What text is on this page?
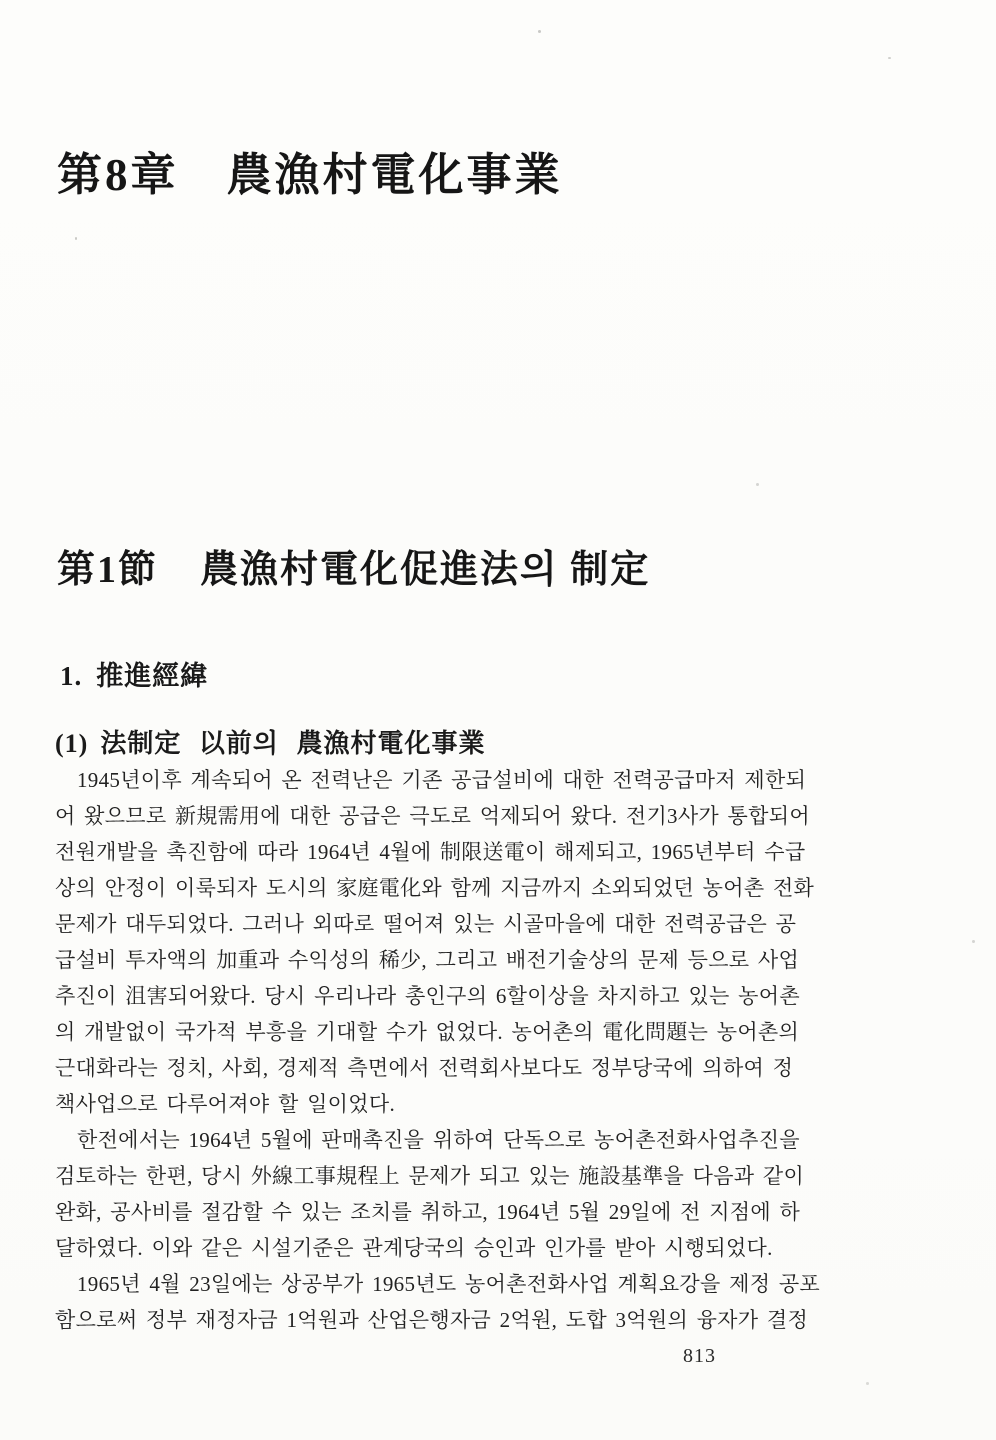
第8章 農漁村電化事業
第1節 農漁村電化促進法의 制定
1. 推進經緯
(1) 法制定 以前의 農漁村電化事業
1945년이후 계속되어 온 전력난은 기존 공급설비에 대한 전력공급마저 제한되
어 왔으므로 新規需用에 대한 공급은 극도로 억제되어 왔다. 전기3사가 통합되어
전원개발을 촉진함에 따라 1964년 4월에 制限送電이 해제되고, 1965년부터 수급
상의 안정이 이룩되자 도시의 家庭電化와 함께 지금까지 소외되었던 농어촌 전화
문제가 대두되었다. 그러나 외따로 떨어져 있는 시골마을에 대한 전력공급은 공
급설비 투자액의 加重과 수익성의 稀少, 그리고 배전기술상의 문제 등으로 사업
추진이 沮害되어왔다. 당시 우리나라 총인구의 6할이상을 차지하고 있는 농어촌
의 개발없이 국가적 부흥을 기대할 수가 없었다. 농어촌의 電化問題는 농어촌의
근대화라는 정치, 사회, 경제적 측면에서 전력회사보다도 정부당국에 의하여 정
책사업으로 다루어져야 할 일이었다.
한전에서는 1964년 5월에 판매촉진을 위하여 단독으로 농어촌전화사업추진을
검토하는 한편, 당시 外線工事規程上 문제가 되고 있는 施設基準을 다음과 같이
완화, 공사비를 절감할 수 있는 조치를 취하고, 1964년 5월 29일에 전 지점에 하
달하였다. 이와 같은 시설기준은 관계당국의 승인과 인가를 받아 시행되었다.
1965년 4월 23일에는 상공부가 1965년도 농어촌전화사업 계획요강을 제정 공포
함으로써 정부 재정자금 1억원과 산업은행자금 2억원, 도합 3억원의 융자가 결정
813
